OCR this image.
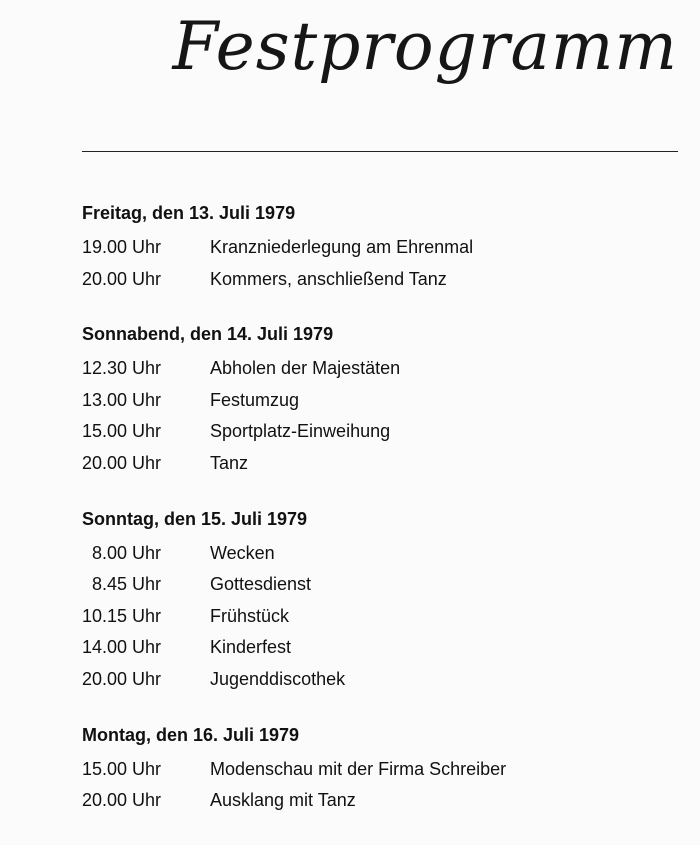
Festprogramm
Freitag, den 13. Juli 1979
19.00 Uhr	Kranzniederlegung am Ehrenmal
20.00 Uhr	Kommers, anschließend Tanz
Sonnabend, den 14. Juli 1979
12.30 Uhr	Abholen der Majestäten
13.00 Uhr	Festumzug
15.00 Uhr	Sportplatz-Einweihung
20.00 Uhr	Tanz
Sonntag, den 15. Juli 1979
8.00 Uhr	Wecken
8.45 Uhr	Gottesdienst
10.15 Uhr	Frühstück
14.00 Uhr	Kinderfest
20.00 Uhr	Jugenddiscothek
Montag, den 16. Juli 1979
15.00 Uhr	Modenschau mit der Firma Schreiber
20.00 Uhr	Ausklang mit Tanz
